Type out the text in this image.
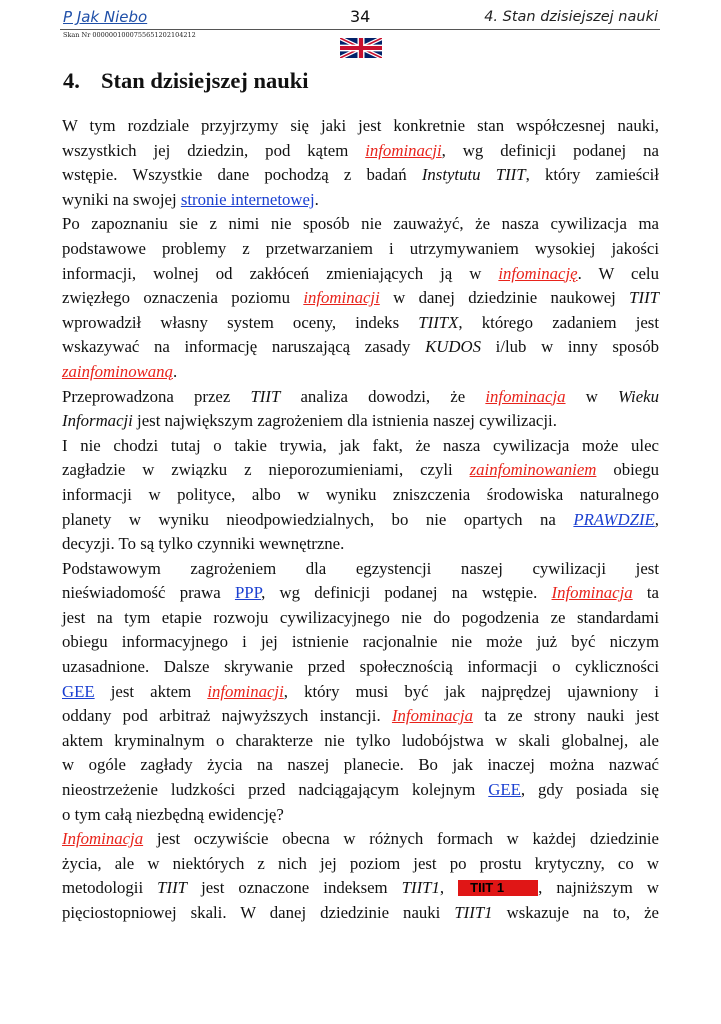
P Jak Niebo
Skan Nr 0000001000755651202104212
34	4. Stan dzisiejszej nauki
4. Stan dzisiejszej nauki
W tym rozdziale przyjrzymy się jaki jest konkretnie stan współczesnej nauki,
wszystkich jej dziedzin, pod kątem infominacji, wg definicji podanej na
wstępie. Wszystkie dane pochodzą z badań Instytutu TIIT, który zamieścił
wyniki na swojej stronie internetowej.
Po zapoznaniu sie z nimi nie sposób nie zauważyć, że nasza cywilizacja ma
podstawowe problemy z przetwarzaniem i utrzymywaniem wysokiej jakości
informacji, wolnej od zakłóceń zmieniających ją w infominację. W celu
zwięzłego oznaczenia poziomu infominacji w danej dziedzinie naukowej TIIT
wprowadził własny system oceny, indeks TIITX, którego zadaniem jest
wskazywać na informację naruszającą zasady KUDOS i/lub w inny sposób
zainfominowaną.
Przeprowadzona przez TIIT analiza dowodzi, że infominacja w Wieku
Informacji jest największym zagrożeniem dla istnienia naszej cywilizacji.
I nie chodzi tutaj o takie trywia, jak fakt, że nasza cywilizacja może ulec
zagładzie w związku z nieporozumieniami, czyli zainfominowaniem obiegu
informacji w polityce, albo w wyniku zniszczenia środowiska naturalnego
planety w wyniku nieodpowiedzialnych, bo nie opartych na PRAWDZIE,
decyzji. To są tylko czynniki wewnętrzne.
Podstawowym zagrożeniem dla egzystencji naszej cywilizacji jest
nieświadomość prawa PPP, wg definicji podanej na wstępie. Infominacja ta
jest na tym etapie rozwoju cywilizacyjnego nie do pogodzenia ze standardami
obiegu informacyjnego i jej istnienie racjonalnie nie może już być niczym
uzasadnione. Dalsze skrywanie przed społecznością informacji o cykliczności
GEE jest aktem infominacji, który musi być jak najprędzej ujawniony i
oddany pod arbitraż najwyższych instancji. Infominacja ta ze strony nauki jest
aktem kryminalnym o charakterze nie tylko ludobójstwa w skali globalnej, ale
w ogóle zagłady życia na naszej planecie. Bo jak inaczej można nazwać
nieostrzeżenie ludzkości przed nadciągającym kolejnym GEE, gdy posiada się
o tym całą niezbędną ewidencję?
Infominacja jest oczywiście obecna w różnych formach w każdej dziedzinie
życia, ale w niektórych z nich jej poziom jest po prostu krytyczny, co w
metodologii TIIT jest oznaczone indeksem TIIT1, TIIT 1 , najniższym w
pięciostopniowej skali. W danej dziedzinie nauki TIIT1 wskazuje na to, że
